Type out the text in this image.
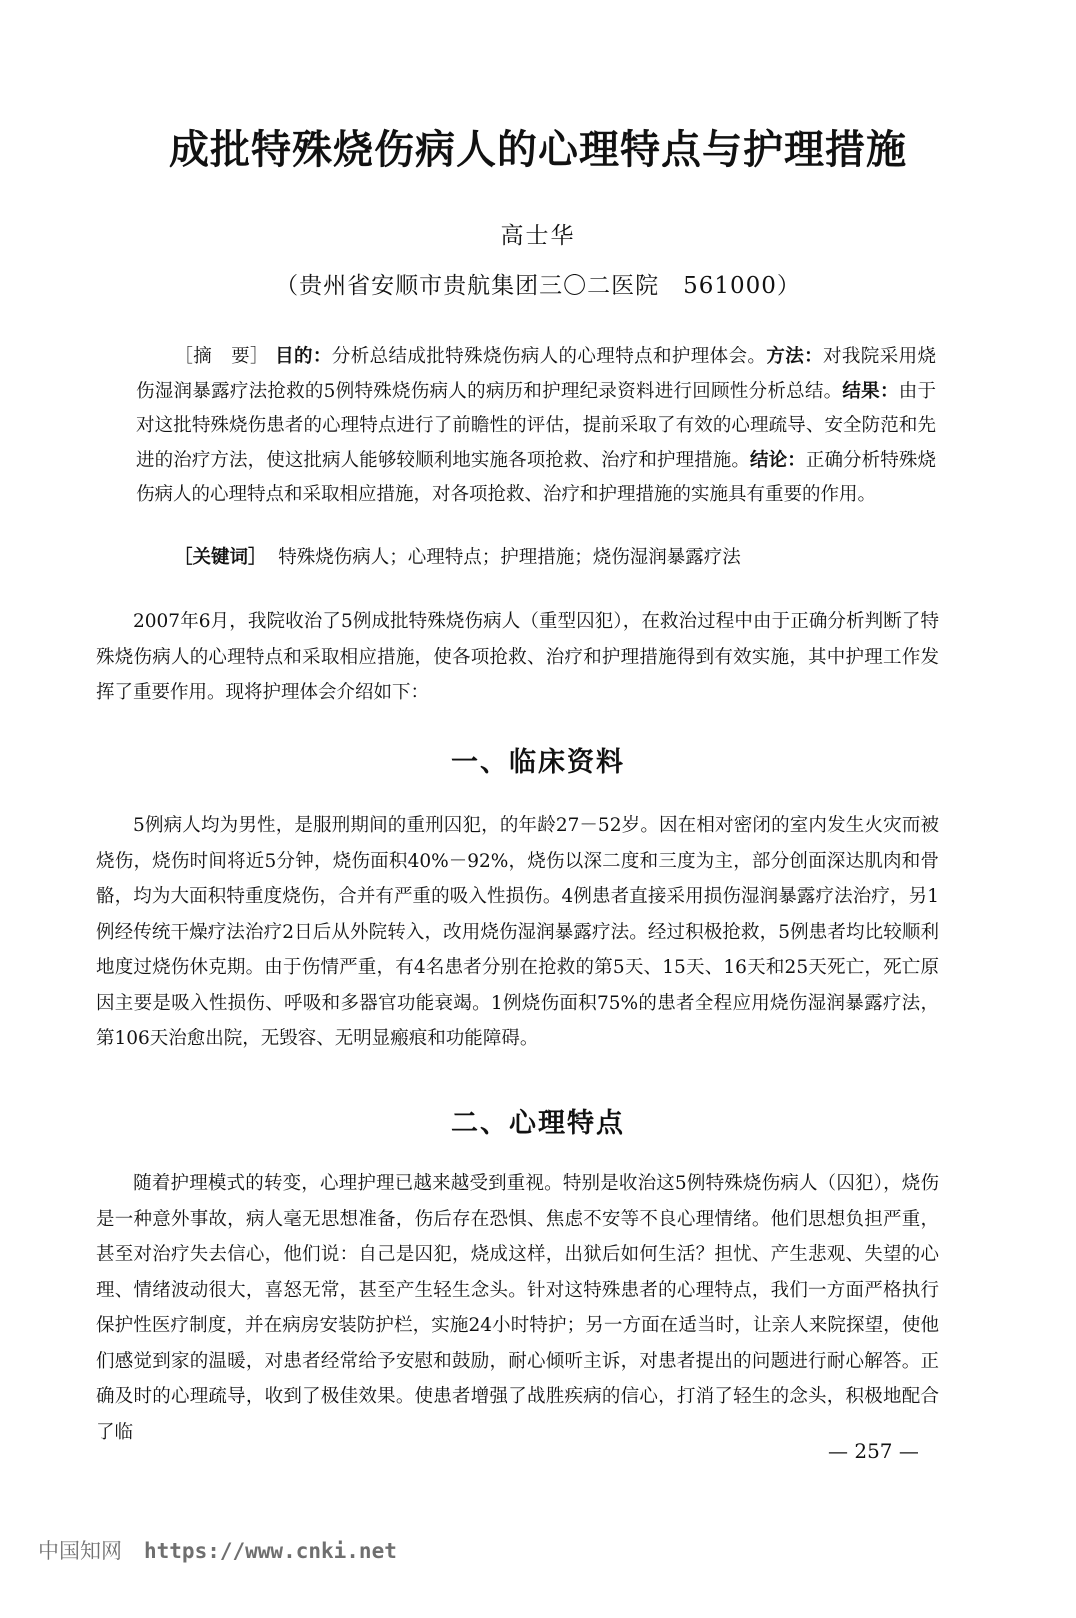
成批特殊烧伤病人的心理特点与护理措施
高士华
（贵州省安顺市贵航集团三〇二医院　561000）
［摘　要］ 目的：分析总结成批特殊烧伤病人的心理特点和护理体会。方法：对我院采用烧伤湿润暴露疗法抢救的5例特殊烧伤病人的病历和护理纪录资料进行回顾性分析总结。结果：由于对这批特殊烧伤患者的心理特点进行了前瞻性的评估，提前采取了有效的心理疏导、安全防范和先进的治疗方法，使这批病人能够较顺利地实施各项抢救、治疗和护理措施。结论：正确分析特殊烧伤病人的心理特点和采取相应措施，对各项抢救、治疗和护理措施的实施具有重要的作用。
［关键词］ 特殊烧伤病人；心理特点；护理措施；烧伤湿润暴露疗法
2007年6月，我院收治了5例成批特殊烧伤病人（重型囚犯），在救治过程中由于正确分析判断了特殊烧伤病人的心理特点和采取相应措施，使各项抢救、治疗和护理措施得到有效实施，其中护理工作发挥了重要作用。现将护理体会介绍如下：
一、临床资料
5例病人均为男性，是服刑期间的重刑囚犯，的年龄27－52岁。因在相对密闭的室内发生火灾而被烧伤，烧伤时间将近5分钟，烧伤面积40%－92%，烧伤以深二度和三度为主，部分创面深达肌肉和骨骼，均为大面积特重度烧伤，合并有严重的吸入性损伤。4例患者直接采用损伤湿润暴露疗法治疗，另1例经传统干燥疗法治疗2日后从外院转入，改用烧伤湿润暴露疗法。经过积极抢救，5例患者均比较顺利地度过烧伤休克期。由于伤情严重，有4名患者分别在抢救的第5天、15天、16天和25天死亡，死亡原因主要是吸入性损伤、呼吸和多器官功能衰竭。1例烧伤面积75%的患者全程应用烧伤湿润暴露疗法，第106天治愈出院，无毁容、无明显瘢痕和功能障碍。
二、心理特点
随着护理模式的转变，心理护理已越来越受到重视。特别是收治这5例特殊烧伤病人（囚犯），烧伤是一种意外事故，病人毫无思想准备，伤后存在恐惧、焦虑不安等不良心理情绪。他们思想负担严重，甚至对治疗失去信心，他们说：自己是囚犯，烧成这样，出狱后如何生活？担忧、产生悲观、失望的心理、情绪波动很大，喜怒无常，甚至产生轻生念头。针对这特殊患者的心理特点，我们一方面严格执行保护性医疗制度，并在病房安装防护栏，实施24小时特护；另一方面在适当时，让亲人来院探望，使他们感觉到家的温暖，对患者经常给予安慰和鼓励，耐心倾听主诉，对患者提出的问题进行耐心解答。正确及时的心理疏导，收到了极佳效果。使患者增强了战胜疾病的信心，打消了轻生的念头，积极地配合了临
— 257 —
中国知网 https://www.cnki.net
